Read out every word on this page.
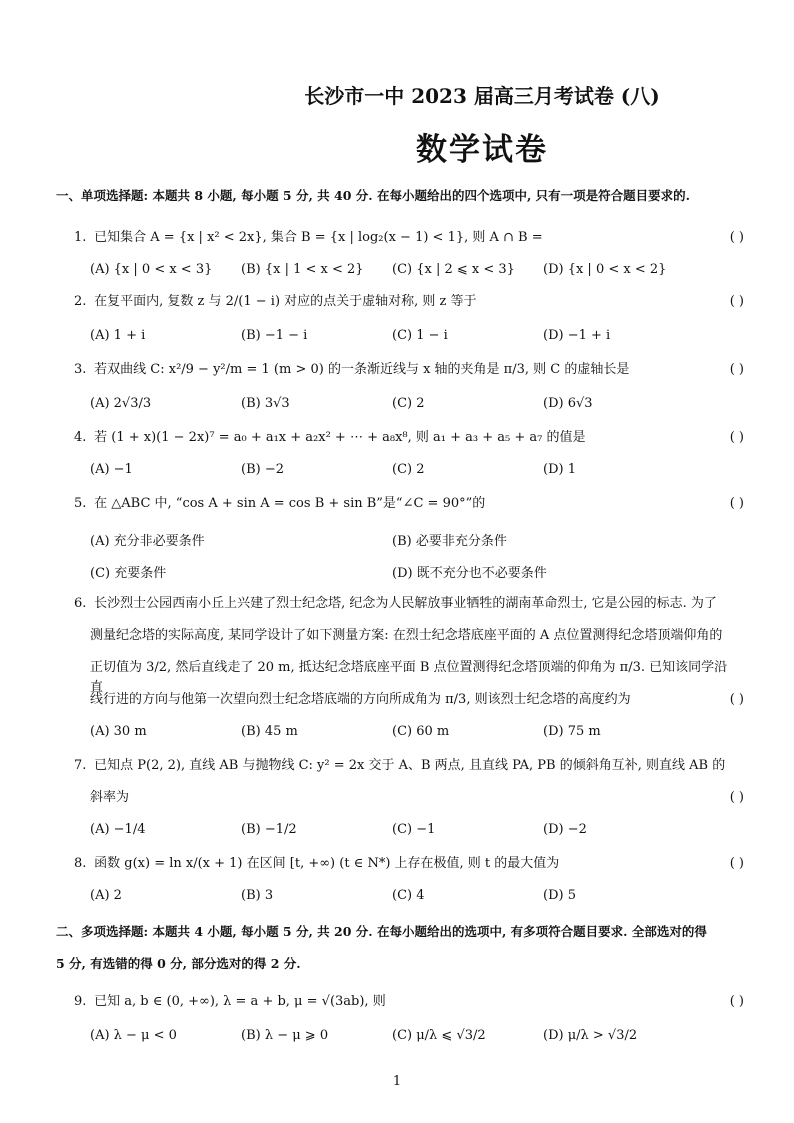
长沙市一中 2023 届高三月考试卷 (八)
数学试卷
一、单项选择题: 本题共 8 小题, 每小题 5 分, 共 40 分. 在每小题给出的四个选项中, 只有一项是符合题目要求的.
1. 已知集合 A = {x | x² < 2x}, 集合 B = {x | log₂(x − 1) < 1}, 则 A ∩ B =	( )
(A) {x | 0 < x < 3} (B) {x | 1 < x < 2} (C) {x | 2 ⩽ x < 3} (D) {x | 0 < x < 2}
2. 在复平面内, 复数 z 与 2/(1 − i) 对应的点关于虚轴对称, 则 z 等于	( )
(A) 1 + i	(B) −1 − i	(C) 1 − i	(D) −1 + i
3. 若双曲线 C: x²/9 − y²/m = 1 (m > 0) 的一条渐近线与 x 轴的夹角是 π/3, 则 C 的虚轴长是	( )
(A) 2√3/3	(B) 3√3	(C) 2	(D) 6√3
4. 若 (1 + x)(1 − 2x)⁷ = a₀ + a₁x + a₂x² + ⋯ + a₈x⁸, 则 a₁ + a₃ + a₅ + a₇ 的值是	( )
(A) −1	(B) −2	(C) 2	(D) 1
5. 在 △ABC 中, “cos A + sin A = cos B + sin B”是“∠C = 90°”的	( )
(A) 充分非必要条件	(B) 必要非充分条件
(C) 充要条件	(D) 既不充分也不必要条件
6. 长沙烈士公园西南小丘上兴建了烈士纪念塔, 纪念为人民解放事业牺牲的湖南革命烈士, 它是公园的标志. 为了
测量纪念塔的实际高度, 某同学设计了如下测量方案: 在烈士纪念塔底座平面的 A 点位置测得纪念塔顶端仰角的
正切值为 3/2, 然后直线走了 20 m, 抵达纪念塔底座平面 B 点位置测得纪念塔顶端的仰角为 π/3. 已知该同学沿直
线行进的方向与他第一次望向烈士纪念塔底端的方向所成角为 π/3, 则该烈士纪念塔的高度约为	( )
(A) 30 m	(B) 45 m	(C) 60 m	(D) 75 m
7. 已知点 P(2, 2), 直线 AB 与抛物线 C: y² = 2x 交于 A、B 两点, 且直线 PA, PB 的倾斜角互补, 则直线 AB 的
斜率为	( )
(A) −1/4	(B) −1/2	(C) −1	(D) −2
8. 函数 g(x) = ln x/(x + 1) 在区间 [t, +∞) (t ∈ N*) 上存在极值, 则 t 的最大值为	( )
(A) 2	(B) 3	(C) 4	(D) 5
二、多项选择题: 本题共 4 小题, 每小题 5 分, 共 20 分. 在每小题给出的选项中, 有多项符合题目要求. 全部选对的得
5 分, 有选错的得 0 分, 部分选对的得 2 分.
9. 已知 a, b ∈ (0, +∞), λ = a + b, μ = √(3ab), 则	( )
(A) λ − μ < 0	(B) λ − μ ⩾ 0	(C) μ/λ ⩽ √3/2	(D) μ/λ > √3/2
1
